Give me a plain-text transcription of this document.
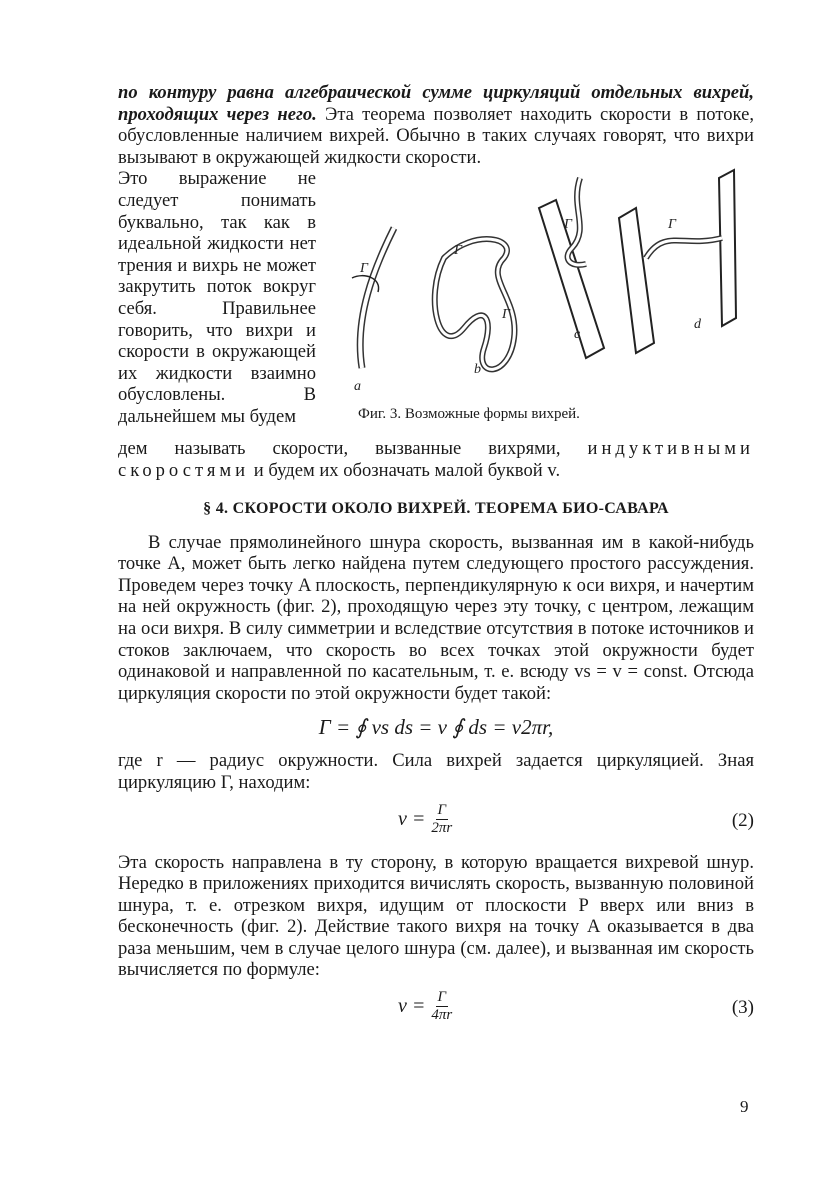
по контуру равна алгебраической сумме циркуляций отдельных вихрей, проходящих через него. Эта теорема позволяет находить скорости в потоке, обусловленные наличием вихрей. Обычно в таких случаях говорят, что вихри вызывают в окружающей жидкости скорости.

Это выражение не следует понимать буквально, так как в идеальной жидкости нет трения и вихрь не может закрутить поток вокруг себя. Правильнее говорить, что вихри и скорости в окружающей их жидкости взаимно обусловлены. В дальнейшем мы будем

a
b
c
d
Γ
Γ
Γ
Γ	Γ
Фиг. 3. Возможные формы вихрей.

дем называть скорости, вызванные вихрями, индуктивными скоростями и будем их обозначать малой буквой v.

§ 4. СКОРОСТИ ОКОЛО ВИХРЕЙ. ТЕОРЕМА БИО-САВАРА

В случае прямолинейного шнура скорость, вызванная им в какой-нибудь точке A, может быть легко найдена путем следующего простого рассуждения. Проведем через точку A плоскость, перпендикулярную к оси вихря, и начертим на ней окружность (фиг. 2), проходящую через эту точку, с центром, лежащим на оси вихря. В силу симметрии и вследствие отсутствия в потоке источников и стоков заключаем, что скорость во всех точках этой окружности будет одинаковой и направленной по касательным, т. е. всюду vs = v = const. Отсюда циркуляция скорости по этой окружности будет такой:

Γ = ∮ vs ds = v ∮ ds = v2πr,

где r — радиус окружности. Сила вихрей задается циркуляцией. Зная циркуляцию Γ, находим:

$v = \frac{\Gamma}{2\pi r}$	(2)

Эта скорость направлена в ту сторону, в которую вращается вихревой шнур. Нередко в приложениях приходится вичислять скорость, вызванную половиной шнура, т. е. отрезком вихря, идущим от плоскости P вверх или вниз в бесконечность (фиг. 2). Действие такого вихря на точку A оказывается в два раза меньшим, чем в случае целого шнура (см. далее), и вызванная им скорость вычисляется по формуле:

$v = \frac{\Gamma}{4\pi r}$	(3)
9
